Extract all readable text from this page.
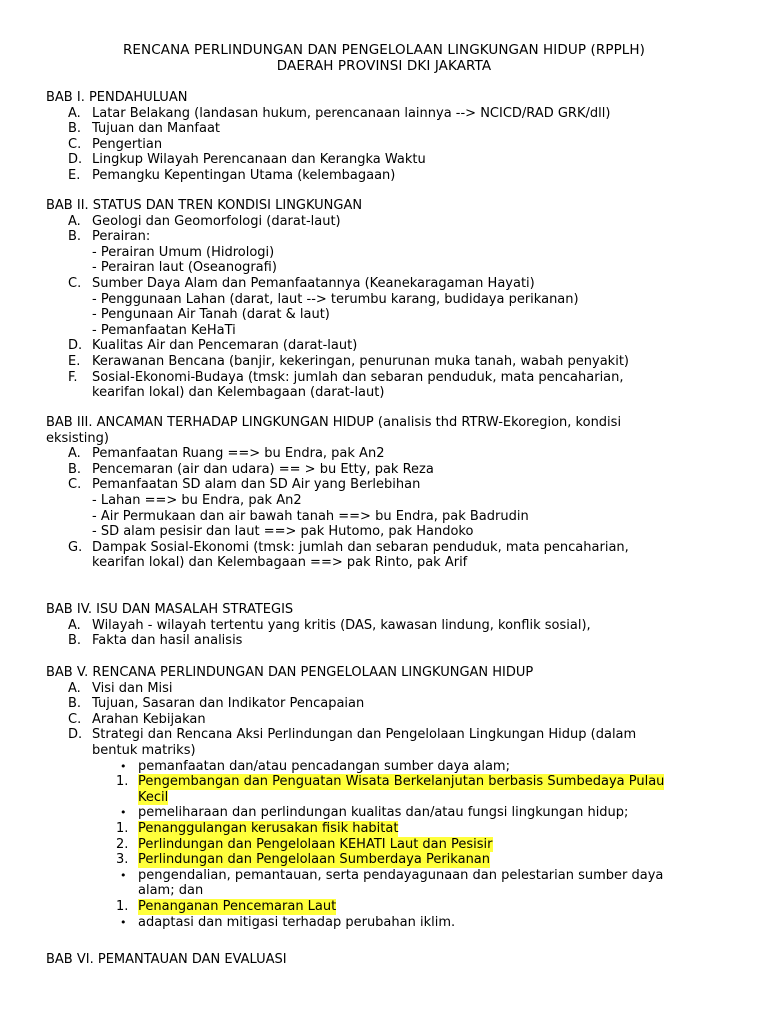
RENCANA PERLINDUNGAN DAN PENGELOLAAN LINGKUNGAN HIDUP (RPPLH)
DAERAH PROVINSI DKI JAKARTA
BAB I. PENDAHULUAN
A. Latar Belakang (landasan hukum, perencanaan lainnya --> NCICD/RAD GRK/dll)
B. Tujuan dan Manfaat
C. Pengertian
D. Lingkup Wilayah Perencanaan dan Kerangka Waktu
E. Pemangku Kepentingan Utama (kelembagaan)
BAB II. STATUS DAN TREN KONDISI LINGKUNGAN
A. Geologi dan Geomorfologi (darat-laut)
B. Perairan:
- Perairan Umum (Hidrologi)
- Perairan laut (Oseanografi)
C. Sumber Daya Alam dan Pemanfaatannya (Keanekaragaman Hayati)
- Penggunaan Lahan (darat, laut --> terumbu karang, budidaya perikanan)
- Pengunaan Air Tanah (darat & laut)
- Pemanfaatan KeHaTi
D. Kualitas Air dan Pencemaran (darat-laut)
E. Kerawanan Bencana (banjir, kekeringan, penurunan muka tanah, wabah penyakit)
F. Sosial-Ekonomi-Budaya (tmsk: jumlah dan sebaran penduduk, mata pencaharian,
kearifan lokal) dan Kelembagaan (darat-laut)
BAB III. ANCAMAN TERHADAP LINGKUNGAN HIDUP (analisis thd RTRW-Ekoregion, kondisi
eksisting)
A. Pemanfaatan Ruang ==> bu Endra, pak An2
B. Pencemaran (air dan udara) == > bu Etty, pak Reza
C. Pemanfaatan SD alam dan SD Air yang Berlebihan
- Lahan ==> bu Endra, pak An2
- Air Permukaan dan air bawah tanah ==> bu Endra, pak Badrudin
- SD alam pesisir dan laut ==> pak Hutomo, pak Handoko
G. Dampak Sosial-Ekonomi (tmsk: jumlah dan sebaran penduduk, mata pencaharian,
kearifan lokal) dan Kelembagaan ==> pak Rinto, pak Arif
BAB IV. ISU DAN MASALAH STRATEGIS
A. Wilayah - wilayah tertentu yang kritis (DAS, kawasan lindung, konflik sosial),
B. Fakta dan hasil analisis
BAB V. RENCANA PERLINDUNGAN DAN PENGELOLAAN LINGKUNGAN HIDUP
A. Visi dan Misi
B. Tujuan, Sasaran dan Indikator Pencapaian
C. Arahan Kebijakan
D. Strategi dan Rencana Aksi Perlindungan dan Pengelolaan Lingkungan Hidup (dalam
bentuk matriks)
• pemanfaatan dan/atau pencadangan sumber daya alam;
1. Pengembangan dan Penguatan Wisata Berkelanjutan berbasis Sumbedaya Pulau
Kecil
• pemeliharaan dan perlindungan kualitas dan/atau fungsi lingkungan hidup;
1. Penanggulangan kerusakan fisik habitat
2. Perlindungan dan Pengelolaan KEHATI Laut dan Pesisir
3. Perlindungan dan Pengelolaan Sumberdaya Perikanan
• pengendalian, pemantauan, serta pendayagunaan dan pelestarian sumber daya
alam; dan
1. Penanganan Pencemaran Laut
• adaptasi dan mitigasi terhadap perubahan iklim.
BAB VI. PEMANTAUAN DAN EVALUASI
